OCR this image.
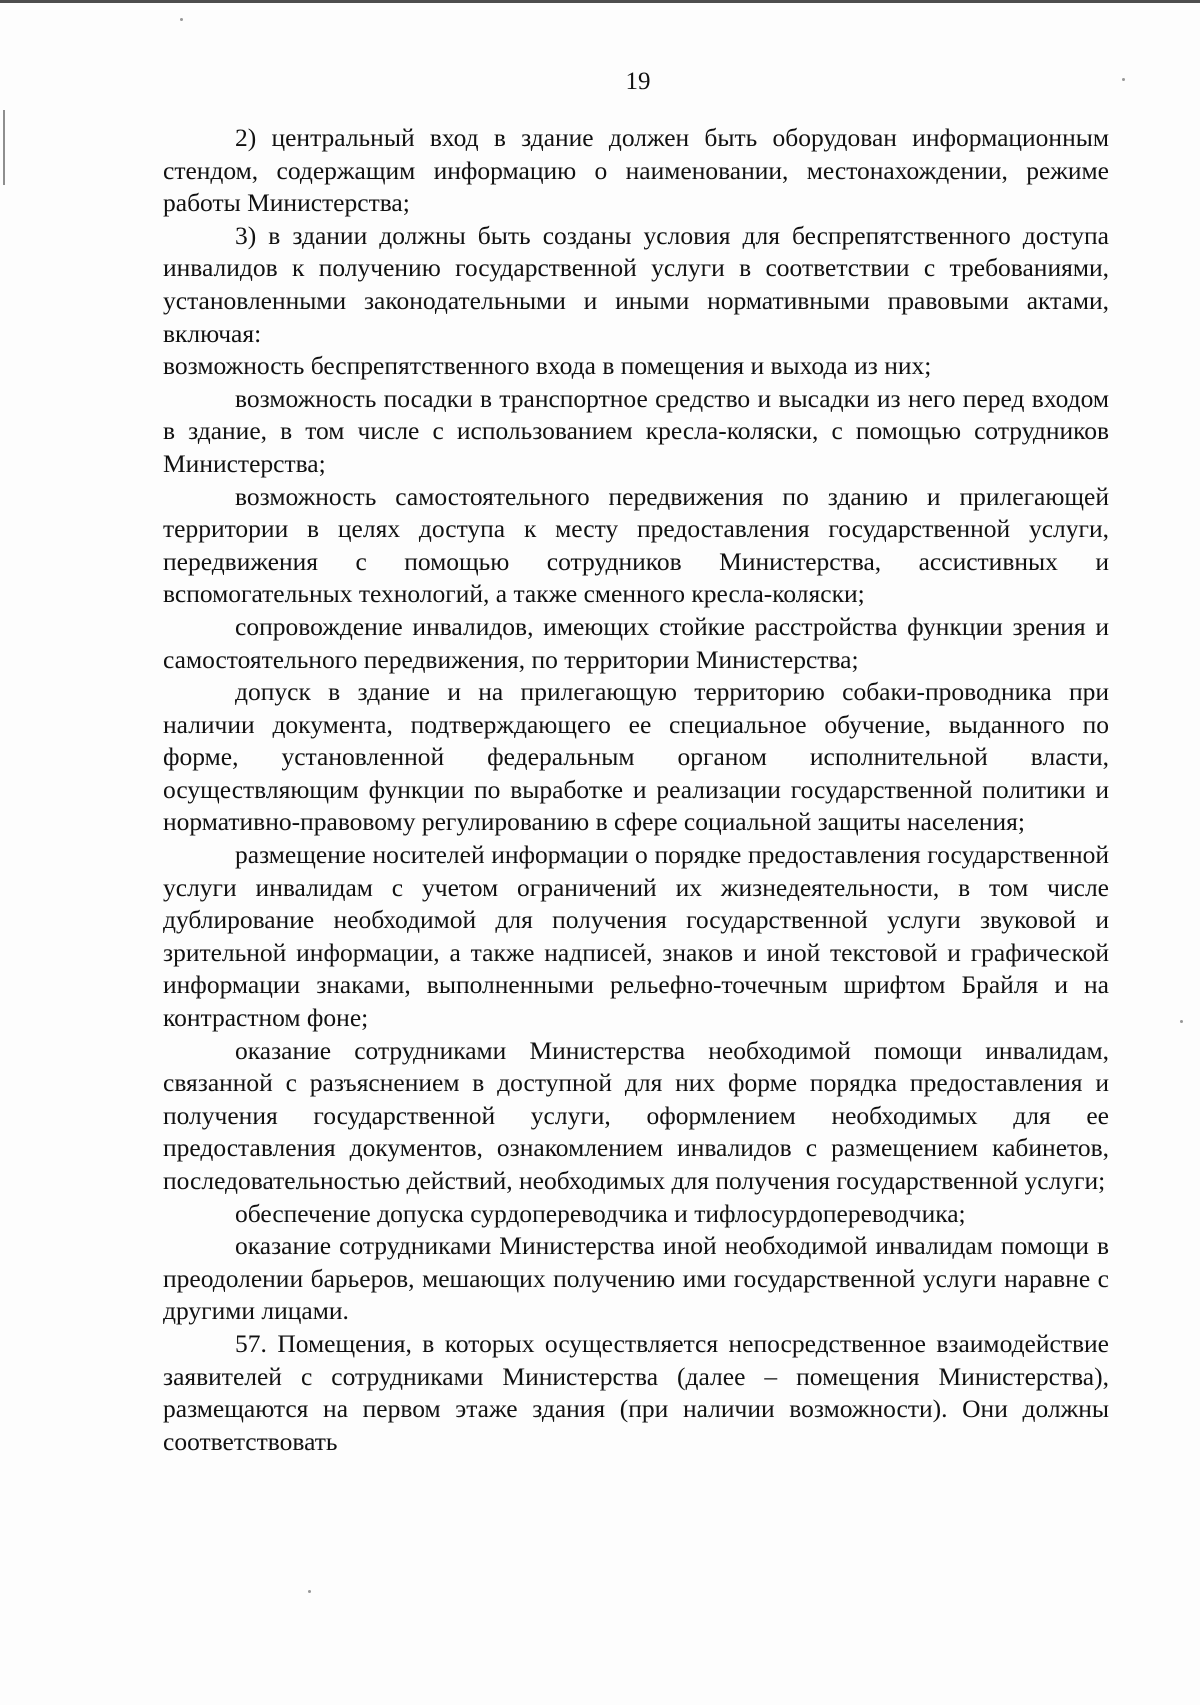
19

2) центральный вход в здание должен быть оборудован информационным стендом, содержащим информацию о наименовании, местонахождении, режиме работы Министерства;

3) в здании должны быть созданы условия для беспрепятственного доступа инвалидов к получению государственной услуги в соответствии с требованиями, установленными законодательными и иными нормативными правовыми актами, включая:

возможность беспрепятственного входа в помещения и выхода из них;

возможность посадки в транспортное средство и высадки из него перед входом в здание, в том числе с использованием кресла-коляски, с помощью сотрудников Министерства;

возможность самостоятельного передвижения по зданию и прилегающей территории в целях доступа к месту предоставления государственной услуги, передвижения с помощью сотрудников Министерства, ассистивных и вспомогательных технологий, а также сменного кресла-коляски;

сопровождение инвалидов, имеющих стойкие расстройства функции зрения и самостоятельного передвижения, по территории Министерства;

допуск в здание и на прилегающую территорию собаки-проводника при наличии документа, подтверждающего ее специальное обучение, выданного по форме, установленной федеральным органом исполнительной власти, осуществляющим функции по выработке и реализации государственной политики и нормативно-правовому регулированию в сфере социальной защиты населения;

размещение носителей информации о порядке предоставления государственной услуги инвалидам с учетом ограничений их жизнедеятельности, в том числе дублирование необходимой для получения государственной услуги звуковой и зрительной информации, а также надписей, знаков и иной текстовой и графической информации знаками, выполненными рельефно-точечным шрифтом Брайля и на контрастном фоне;

оказание сотрудниками Министерства необходимой помощи инвалидам, связанной с разъяснением в доступной для них форме порядка предоставления и получения государственной услуги, оформлением необходимых для ее предоставления документов, ознакомлением инвалидов с размещением кабинетов, последовательностью действий, необходимых для получения государственной услуги;

обеспечение допуска сурдопереводчика и тифлосурдопереводчика;

оказание сотрудниками Министерства иной необходимой инвалидам помощи в преодолении барьеров, мешающих получению ими государственной услуги наравне с другими лицами.

57. Помещения, в которых осуществляется непосредственное взаимодействие заявителей с сотрудниками Министерства (далее – помещения Министерства), размещаются на первом этаже здания (при наличии возможности). Они должны соответствовать
